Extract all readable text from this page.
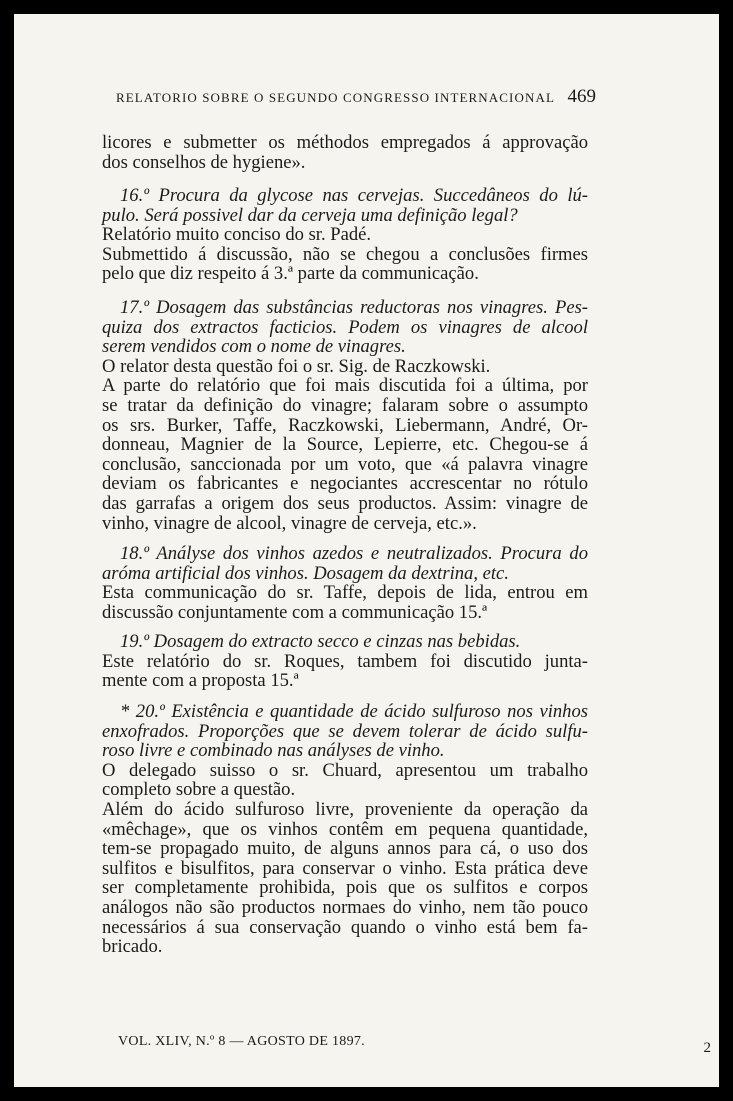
RELATORIO SOBRE O SEGUNDO CONGRESSO INTERNACIONAL 469
licores e submetter os méthodos empregados á approvação
dos conselhos de hygiene».
16.º Procura da glycose nas cervejas. Succedâneos do lú-
pulo. Será possivel dar da cerveja uma definição legal?
Relatório muito conciso do sr. Padé.
Submettido á discussão, não se chegou a conclusões firmes
pelo que diz respeito á 3.ª parte da communicação.
17.º Dosagem das substâncias reductoras nos vinagres. Pes-
quiza dos extractos facticios. Podem os vinagres de alcool
serem vendidos com o nome de vinagres.
O relator desta questão foi o sr. Sig. de Raczkowski.
A parte do relatório que foi mais discutida foi a última, por
se tratar da definição do vinagre; falaram sobre o assumpto
os srs. Burker, Taffe, Raczkowski, Liebermann, André, Or-
donneau, Magnier de la Source, Lepierre, etc. Chegou-se á
conclusão, sanccionada por um voto, que «á palavra vinagre
deviam os fabricantes e negociantes accrescentar no rótulo
das garrafas a origem dos seus productos. Assim: vinagre de
vinho, vinagre de alcool, vinagre de cerveja, etc.».
18.º Anályse dos vinhos azedos e neutralizados. Procura do
aróma artificial dos vinhos. Dosagem da dextrina, etc.
Esta communicação do sr. Taffe, depois de lida, entrou em
discussão conjuntamente com a communicação 15.ª
19.º Dosagem do extracto secco e cinzas nas bebidas.
Este relatório do sr. Roques, tambem foi discutido junta-
mente com a proposta 15.ª
* 20.º Existência e quantidade de ácido sulfuroso nos vinhos
enxofrados. Proporções que se devem tolerar de ácido sulfu-
roso livre e combinado nas anályses de vinho.
O delegado suisso o sr. Chuard, apresentou um trabalho
completo sobre a questão.
Além do ácido sulfuroso livre, proveniente da operação da
«mêchage», que os vinhos contêm em pequena quantidade,
tem-se propagado muito, de alguns annos para cá, o uso dos
sulfitos e bisulfitos, para conservar o vinho. Esta prática deve
ser completamente prohibida, pois que os sulfitos e corpos
análogos não são productos normaes do vinho, nem tão pouco
necessários á sua conservação quando o vinho está bem fa-
bricado.
VOL. XLIV, N.º 8 — AGOSTO DE 1897.	2
